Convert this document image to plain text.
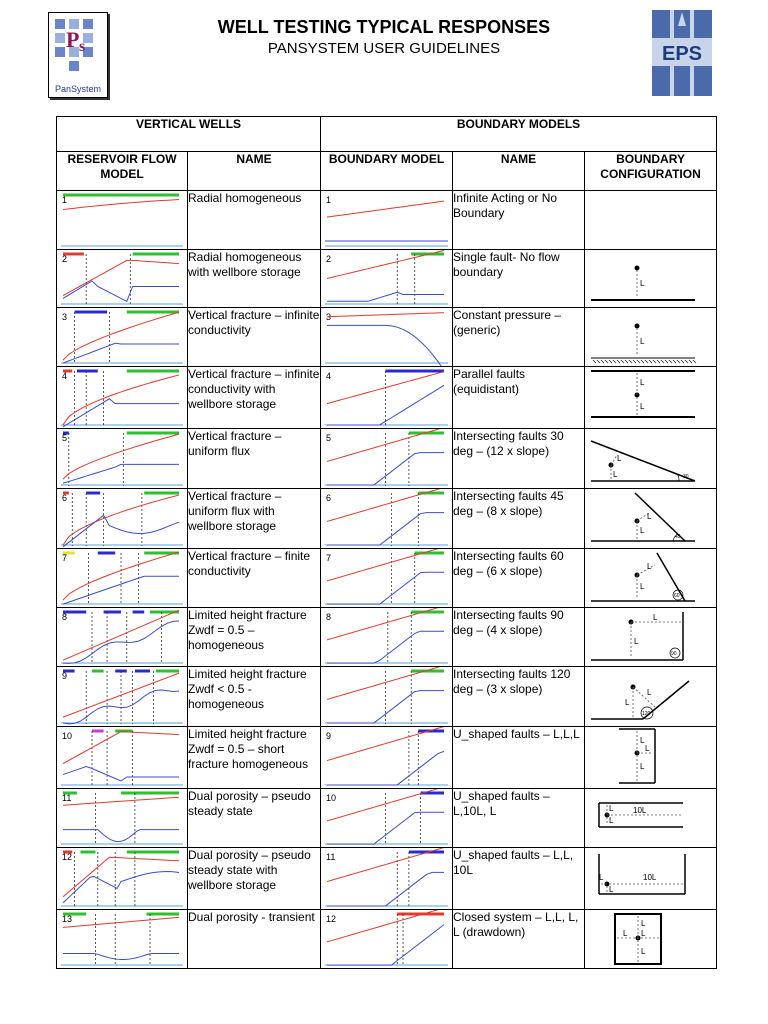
P s
PanSystem
WELL TESTING TYPICAL RESPONSES
PANSYSTEM USER GUIDELINES	EPS
VERTICAL WELLS		BOUNDARY MODELS		
RESERVOIR FLOW MODEL	NAME	BOUNDARY MODEL	NAME	BOUNDARY CONFIGURATION

1	Radial homogeneous	1	Infinite Acting or No Boundary	

2	Radial homogeneous with wellbore storage	2	Single fault- No flow boundary	L

3	Vertical fracture – infinite conductivity	3	Constant pressure – (generic)	L

4	Vertical fracture – infinite conductivity with wellbore storage	4	Parallel faults (equidistant)	L
L

5	Vertical fracture – uniform flux	5	Intersecting faults 30 deg – (12 x slope)	L
L 30

6	Vertical fracture – uniform flux with wellbore storage	6	Intersecting faults 45 deg – (8 x slope)	L
L
45

7	Vertical fracture – finite conductivity	7	Intersecting faults 60 deg – (6 x slope)	L
L
60

8	Limited height fracture Zwdf = 0.5 – homogeneous	8	Intersecting faults 90 deg – (4 x slope)	L
L
90

9	Limited height fracture Zwdf < 0.5 - homogeneous		Intersecting faults 120 deg – (3 x slope)	L
L
120

10	Limited height fracture Zwdf = 0.5 – short fracture homogeneous	9	U_shaped faults – L,L,L	L
L
L

11	Dual porosity – pseudo steady state	10	U_shaped faults – L,10L, L	L 10L
L

12	Dual porosity – pseudo steady state with wellbore storage	11	U_shaped faults – L,L, 10L	L 10L
L

13	Dual porosity - transient	12	Closed system – L,L, L, L (drawdown)	L L
L
L
